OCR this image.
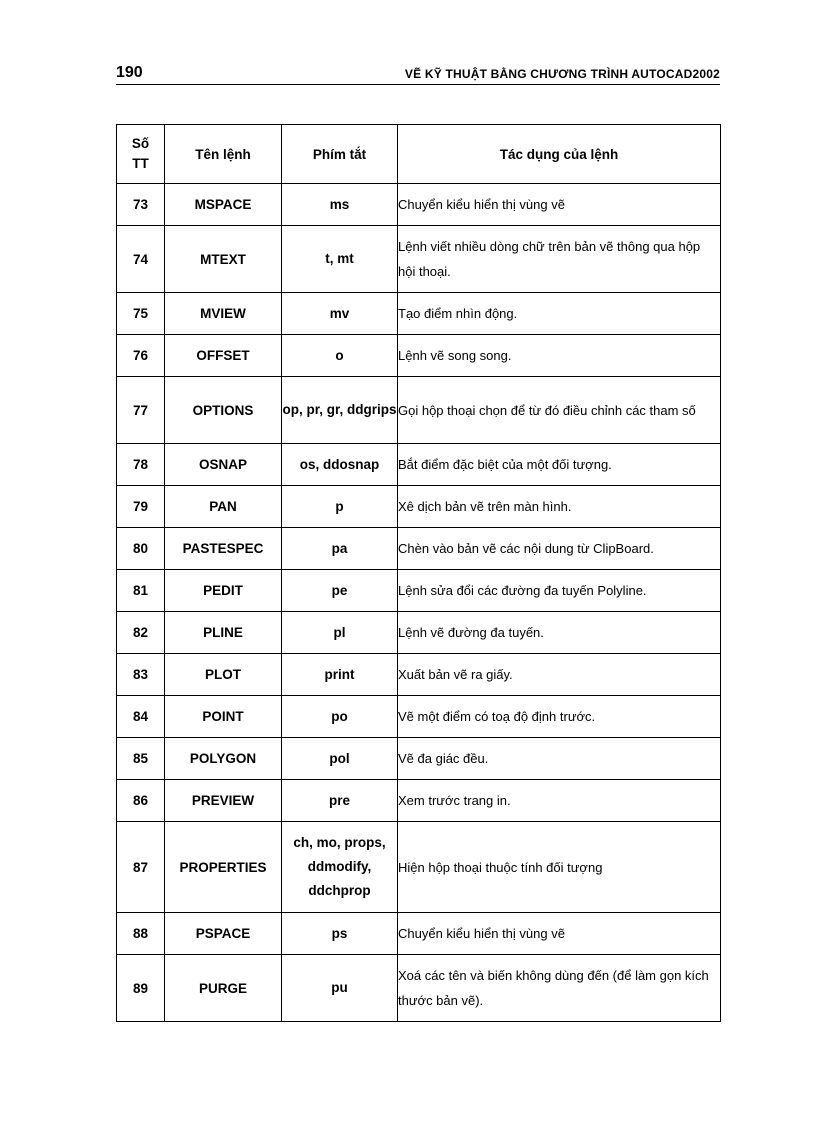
190	VẼ KỸ THUẬT BẰNG CHƯƠNG TRÌNH AUTOCAD2002
Số
TT	Tên lệnh	Phím tắt	Tác dụng của lệnh
73	MSPACE	ms	Chuyển kiểu hiển thị vùng vẽ
74	MTEXT	t, mt	Lệnh viết nhiều dòng chữ trên bản vẽ thông qua hộp hội thoại.
75	MVIEW	mv	Tạo điểm nhìn động.
76	OFFSET	o	Lệnh vẽ song song.
77	OPTIONS	op, pr, gr, ddgrips	Gọi hộp thoại chọn để từ đó điều chỉnh các tham số
78	OSNAP	os, ddosnap	Bắt điểm đặc biệt của một đối tượng.
79	PAN	p	Xê dịch bản vẽ trên màn hình.
80	PASTESPEC	pa	Chèn vào bản vẽ các nội dung từ ClipBoard.
81	PEDIT	pe	Lệnh sửa đổi các đường đa tuyến Polyline.
82	PLINE	pl	Lệnh vẽ đường đa tuyến.
83	PLOT	print	Xuất bản vẽ ra giấy.
84	POINT	po	Vẽ một điểm có toạ độ định trước.
85	POLYGON	pol	Vẽ đa giác đều.
86	PREVIEW	pre	Xem trước trang in.
87	PROPERTIES	ch, mo, props, ddmodify, ddchprop	Hiện hộp thoại thuộc tính đối tượng
88	PSPACE	ps	Chuyển kiểu hiển thị vùng vẽ
89	PURGE	pu	Xoá các tên và biến không dùng đến (để làm gọn kích thước bản vẽ).
